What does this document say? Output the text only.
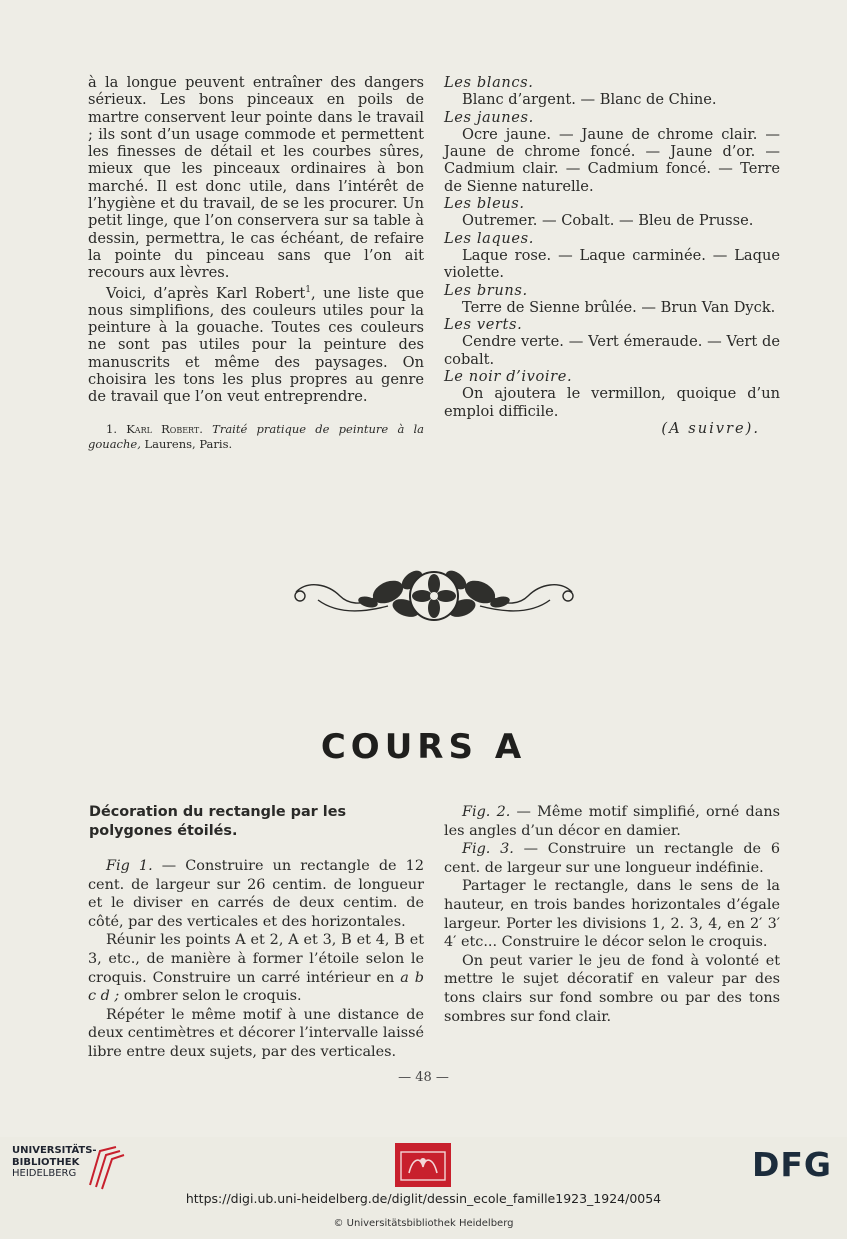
à la longue peuvent entraîner des dangers sérieux. Les bons pinceaux en poils de martre conservent leur pointe dans le travail ; ils sont d’un usage commode et permettent les finesses de détail et les courbes sûres, mieux que les pinceaux ordinaires à bon marché. Il est donc utile, dans l’intérêt de l’hygiène et du travail, de se les procurer. Un petit linge, que l’on conservera sur sa table à dessin, permettra, le cas échéant, de refaire la pointe du pinceau sans que l’on ait recours aux lèvres.

Voici, d’après Karl Robert$^1$, une liste que nous simplifions, des couleurs utiles pour la peinture à la gouache. Toutes ces couleurs ne sont pas utiles pour la peinture des manuscrits et même des paysages. On choisira les tons les plus propres au genre de travail que l’on veut entreprendre.

1. Karl Robert. Traité pratique de peinture à la gouache, Laurens, Paris.

Les blancs.

Blanc d’argent. — Blanc de Chine.

Les jaunes.

Ocre jaune. — Jaune de chrome clair. — Jaune de chrome foncé. — Jaune d’or. — Cadmium clair. — Cadmium foncé. — Terre de Sienne naturelle.

Les bleus.

Outremer. — Cobalt. — Bleu de Prusse.

Les laques.

Laque rose. — Laque carminée. — Laque violette.

Les bruns.

Terre de Sienne brûlée. — Brun Van Dyck.

Les verts.

Cendre verte. — Vert émeraude. — Vert de cobalt.

Le noir d’ivoire.

On ajoutera le vermillon, quoique d’un emploi difficile.

(A suivre).

COURS A

Décoration du rectangle par les polygones étoilés.

Fig 1. — Construire un rectangle de 12 cent. de largeur sur 26 centim. de longueur et le diviser en carrés de deux centim. de côté, par des verticales et des horizontales.

Réunir les points A et 2, A et 3, B et 4, B et 3, etc., de manière à former l’étoile selon le croquis. Construire un carré intérieur en a b c d ; ombrer selon le croquis.

Répéter le même motif à une distance de deux centimètres et décorer l’intervalle laissé libre entre deux sujets, par des verticales.

Fig. 2. — Même motif simplifié, orné dans les angles d’un décor en damier.

Fig. 3. — Construire un rectangle de 6 cent. de largeur sur une longueur indéfinie.

Partager le rectangle, dans le sens de la hauteur, en trois bandes horizontales d’égale largeur. Porter les divisions 1, 2. 3, 4, en 2′ 3′ 4′ etc... Construire le décor selon le croquis.

On peut varier le jeu de fond à volonté et mettre le sujet décoratif en valeur par des tons clairs sur fond sombre ou par des tons sombres sur fond clair.

— 48 —
UNIVERSITÄTS-
BIBLIOTHEK
HEIDELBERG	DFG
https://digi.ub.uni-heidelberg.de/diglit/dessin_ecole_famille1923_1924/0054
© Universitätsbibliothek Heidelberg
